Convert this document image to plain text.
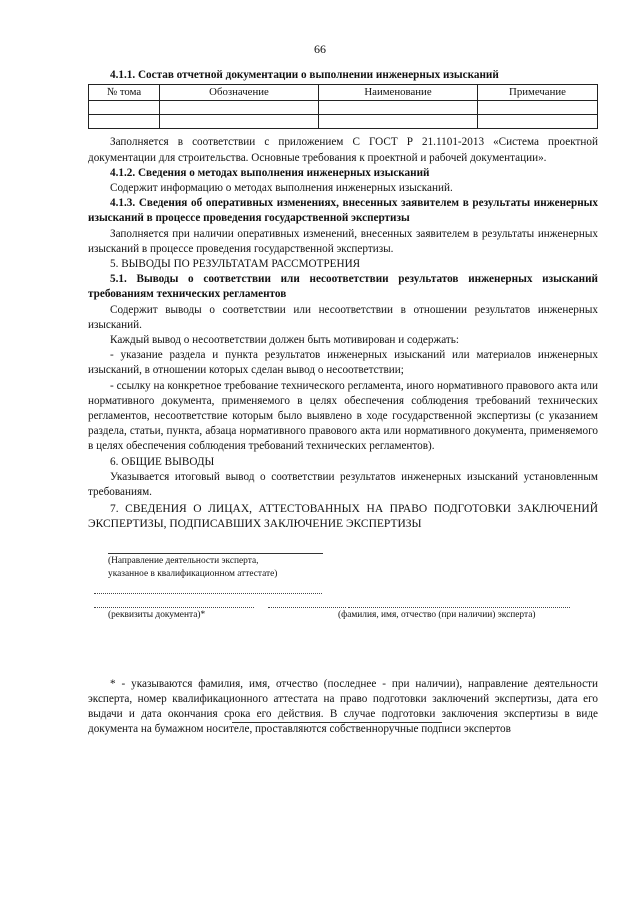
66

4.1.1. Состав отчетной документации о выполнении инженерных изысканий

№ тома	Обозначение	Наименование	Примечание

Заполняется в соответствии с приложением С ГОСТ Р 21.1101-2013 «Система проектной документации для строительства. Основные требования к проектной и рабочей документации».

4.1.2. Сведения о методах выполнения инженерных изысканий

Содержит информацию о методах выполнения инженерных изысканий.

4.1.3. Сведения об оперативных изменениях, внесенных заявителем в результаты инженерных изысканий в процессе проведения государственной экспертизы

Заполняется при наличии оперативных изменений, внесенных заявителем в результаты инженерных изысканий в процессе проведения государственной экспертизы.

5. ВЫВОДЫ ПО РЕЗУЛЬТАТАМ РАССМОТРЕНИЯ

5.1. Выводы о соответствии или несоответствии результатов инженерных изысканий требованиям технических регламентов

Содержит выводы о соответствии или несоответствии в отношении результатов инженерных изысканий.

Каждый вывод о несоответствии должен быть мотивирован и содержать:

- указание раздела и пункта результатов инженерных изысканий или материалов инженерных изысканий, в отношении которых сделан вывод о несоответствии;

- ссылку на конкретное требование технического регламента, иного нормативного правового акта или нормативного документа, применяемого в целях обеспечения соблюдения требований технических регламентов, несоответствие которым было выявлено в ходе государственной экспертизы (с указанием раздела, статьи, пункта, абзаца нормативного правового акта или нормативного документа, применяемого в целях обеспечения соблюдения требований технических регламентов).

6. ОБЩИЕ ВЫВОДЫ

Указывается итоговый вывод о соответствии результатов инженерных изысканий установленным требованиям.

7. СВЕДЕНИЯ О ЛИЦАХ, АТТЕСТОВАННЫХ НА ПРАВО ПОДГОТОВКИ ЗАКЛЮЧЕНИЙ ЭКСПЕРТИЗЫ, ПОДПИСАВШИХ ЗАКЛЮЧЕНИЕ ЭКСПЕРТИЗЫ

(Направление деятельности эксперта,
указанное в квалификационном аттестате)
(реквизиты документа)*	(фамилия, имя, отчество (при наличии) эксперта)

* - указываются фамилия, имя, отчество (последнее - при наличии), направление деятельности эксперта, номер квалификационного аттестата на право подготовки заключений экспертизы, дата его выдачи и дата окончания срока его действия. В случае подготовки заключения экспертизы в виде документа на бумажном носителе, проставляются собственноручные подписи экспертов
